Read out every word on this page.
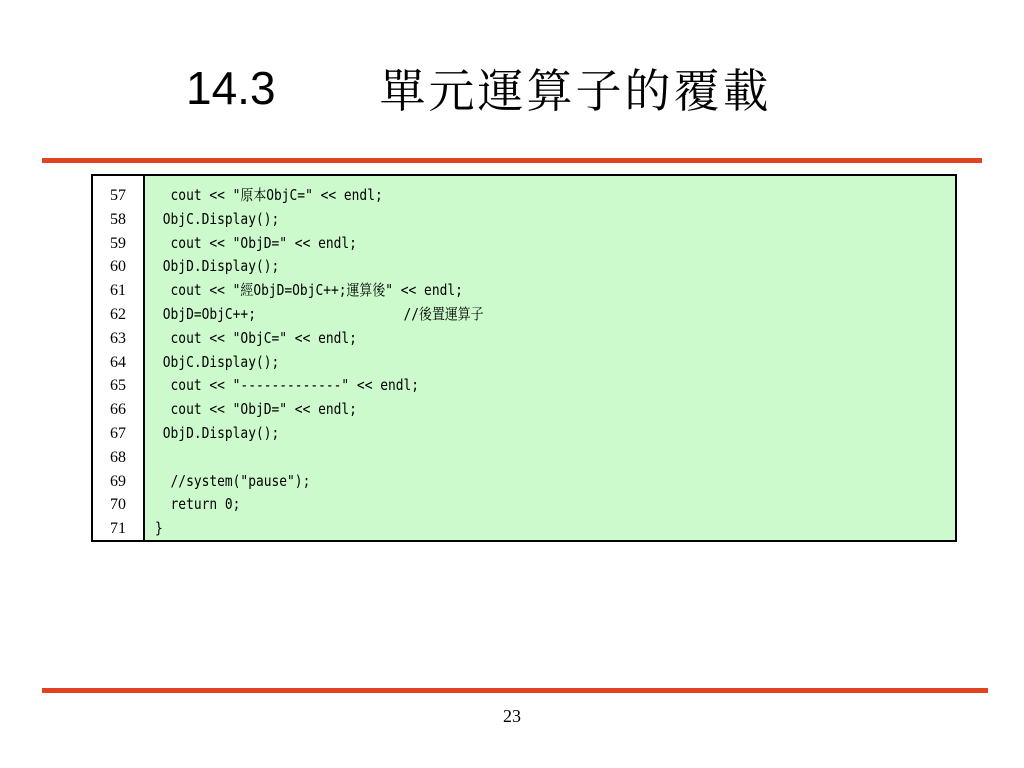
14.3 單元運算子的覆載
57
58
59
60
61
62
63
64
65
66
67
68
69
70
71
cout << "原本ObjC=" << endl;
ObjC.Display();
cout << "ObjD=" << endl;
ObjD.Display();
cout << "經ObjD=ObjC++;運算後" << endl;
ObjD=ObjC++;                   //後置運算子
cout << "ObjC=" << endl;
ObjC.Display();
cout << "-------------" << endl;
cout << "ObjD=" << endl;
ObjD.Display();
//system("pause");
return 0;
}
23
